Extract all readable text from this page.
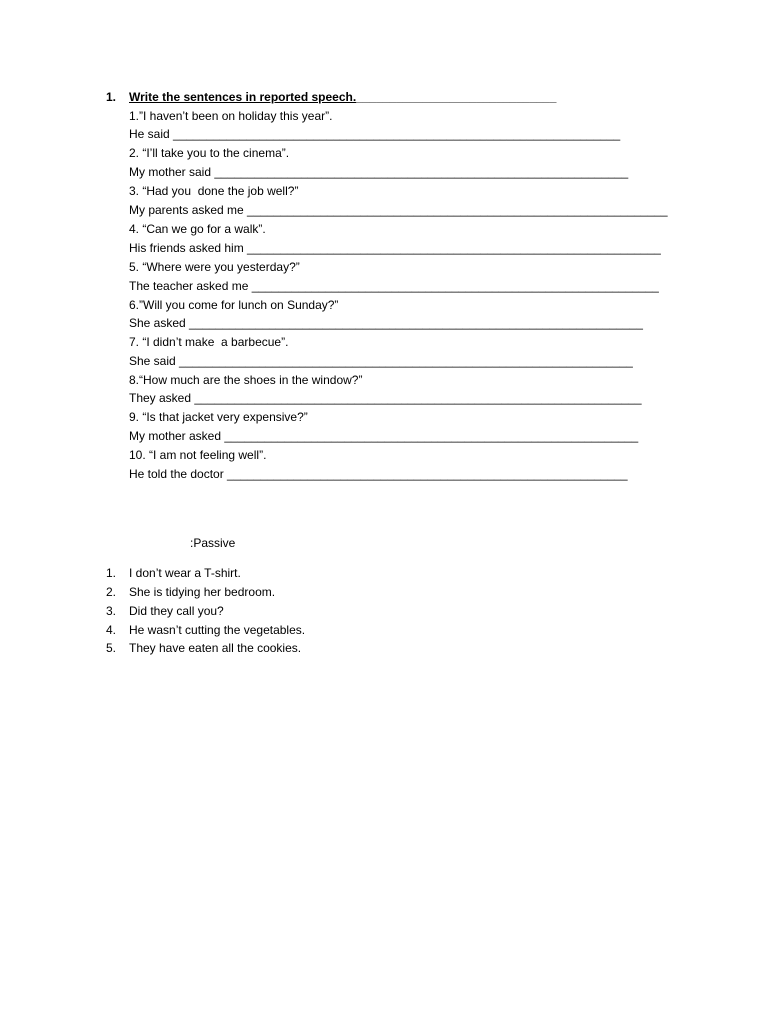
1. Write the sentences in reported speech.______________________________
1.”I haven’t been on holiday this year”.
He said ___________________________________________________________________
2. “I’ll take you to the cinema”.
My mother said ______________________________________________________________
3. “Had you  done the job well?”
My parents asked me _______________________________________________________________
4. “Can we go for a walk”.
His friends asked him ______________________________________________________________
5. “Where were you yesterday?”
The teacher asked me _____________________________________________________________
6.”Will you come for lunch on Sunday?”
She asked ____________________________________________________________________
7. “I didn’t make  a barbecue”.
She said ____________________________________________________________________
8.“How much are the shoes in the window?”
They asked ___________________________________________________________________
9. “Is that jacket very expensive?”
My mother asked ______________________________________________________________
10. “I am not feeling well”.
He told the doctor ____________________________________________________________
:Passive
1. I don’t wear a T-shirt.
2. She is tidying her bedroom.
3. Did they call you?
4. He wasn’t cutting the vegetables.
5. They have eaten all the cookies.
